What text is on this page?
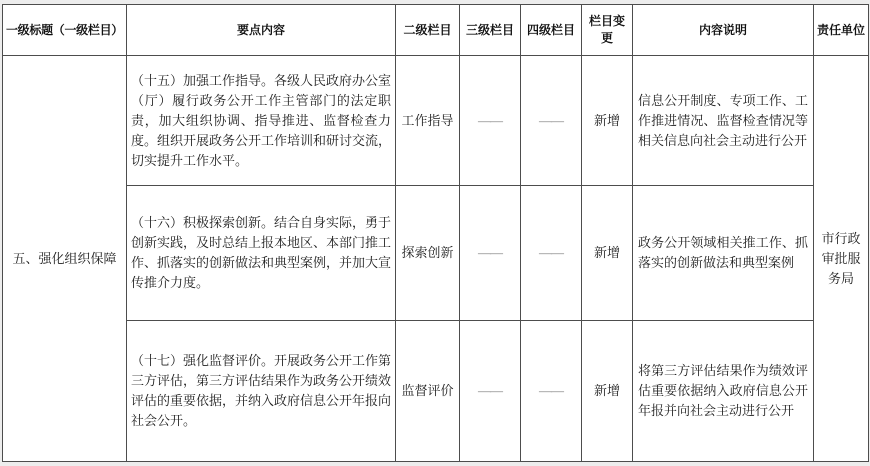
一级标题（一级栏目）	要点内容	二级栏目	三级栏目	四级栏目	栏目变更	内容说明	责任单位
五、强化组织保障	（十五）加强工作指导。各级人民政府办公室（厅）履行政务公开工作主管部门的法定职责，加大组织协调、指导推进、监督检查力度。组织开展政务公开工作培训和研讨交流，切实提升工作水平。	工作指导	——	——	新增	信息公开制度、专项工作、工作推进情况、监督检查情况等相关信息向社会主动进行公开	市行政审批服务局
	（十六）积极探索创新。结合自身实际，勇于创新实践，及时总结上报本地区、本部门推工作、抓落实的创新做法和典型案例，并加大宣传推介力度。	探索创新	——	——	新增	政务公开领域相关推工作、抓落实的创新做法和典型案例	
	（十七）强化监督评价。开展政务公开工作第三方评估，第三方评估结果作为政务公开绩效评估的重要依据，并纳入政府信息公开年报向社会公开。	监督评价	——	——	新增	将第三方评估结果作为绩效评估重要依据纳入政府信息公开年报并向社会主动进行公开	
